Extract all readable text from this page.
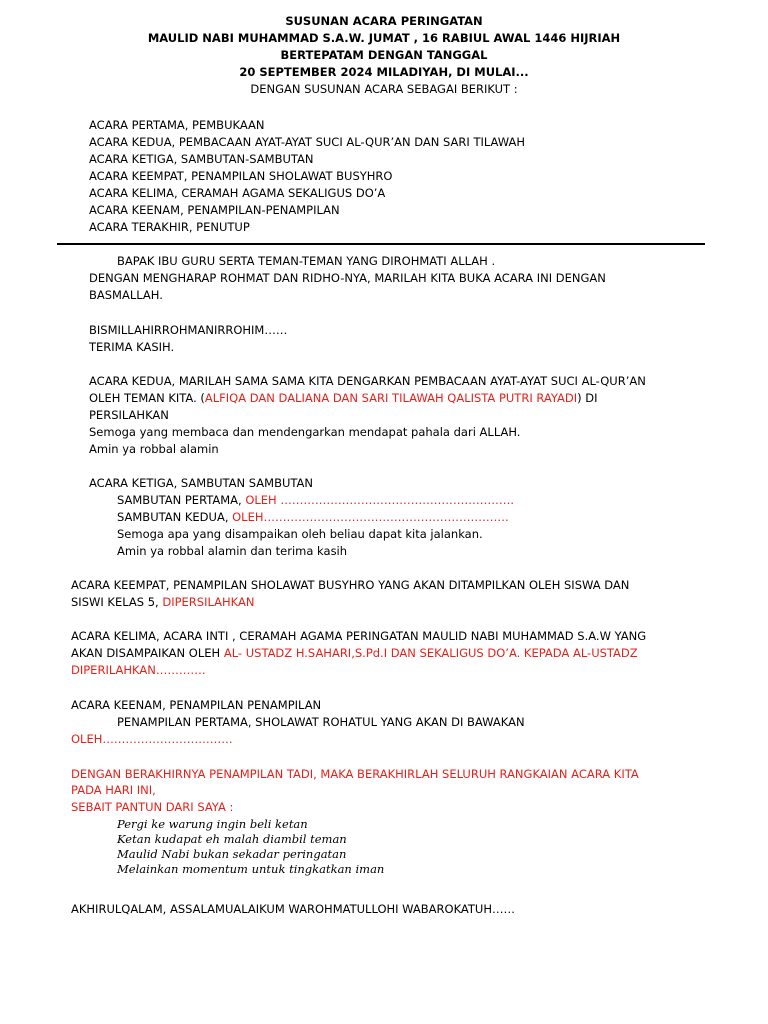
SUSUNAN ACARA PERINGATAN
MAULID NABI MUHAMMAD S.A.W. JUMAT , 16 RABIUL AWAL 1446 HIJRIAH
BERTEPATAM DENGAN TANGGAL
20 SEPTEMBER 2024 MILADIYAH, DI MULAI...
DENGAN SUSUNAN ACARA SEBAGAI BERIKUT :
ACARA PERTAMA, PEMBUKAAN
ACARA KEDUA, PEMBACAAN AYAT-AYAT SUCI AL-QUR’AN DAN SARI TILAWAH
ACARA KETIGA, SAMBUTAN-SAMBUTAN
ACARA KEEMPAT, PENAMPILAN SHOLAWAT BUSYHRO
ACARA KELIMA, CERAMAH AGAMA SEKALIGUS DO’A
ACARA KEENAM, PENAMPILAN-PENAMPILAN
ACARA TERAKHIR, PENUTUP
BAPAK IBU GURU SERTA TEMAN-TEMAN YANG DIROHMATI ALLAH .
DENGAN MENGHARAP ROHMAT DAN RIDHO-NYA, MARILAH KITA BUKA ACARA INI DENGAN
BASMALLAH.
BISMILLAHIRROHMANIRROHIM……
TERIMA KASIH.
ACARA KEDUA, MARILAH SAMA SAMA KITA DENGARKAN PEMBACAAN AYAT-AYAT SUCI AL-QUR’AN
OLEH TEMAN KITA. (ALFIQA DAN DALIANA DAN SARI TILAWAH QALISTA PUTRI RAYADI) DI
PERSILAHKAN
Semoga yang membaca dan mendengarkan mendapat pahala dari ALLAH.
Amin ya robbal alamin
ACARA KETIGA, SAMBUTAN SAMBUTAN
SAMBUTAN PERTAMA, OLEH …………………………………………………….
SAMBUTAN KEDUA, OLEH……………………………………………………….
Semoga apa yang disampaikan oleh beliau dapat kita jalankan.
Amin ya robbal alamin dan terima kasih
ACARA KEEMPAT, PENAMPILAN SHOLAWAT BUSYHRO YANG AKAN DITAMPILKAN OLEH SISWA DAN
SISWI KELAS 5, DIPERSILAHKAN
ACARA KELIMA, ACARA INTI , CERAMAH AGAMA PERINGATAN MAULID NABI MUHAMMAD S.A.W YANG
AKAN DISAMPAIKAN OLEH AL- USTADZ H.SAHARI,S.Pd.I DAN SEKALIGUS DO’A. KEPADA AL-USTADZ
DIPERILAHKAN………….
ACARA KEENAM, PENAMPILAN PENAMPILAN
PENAMPILAN PERTAMA, SHOLAWAT ROHATUL YANG AKAN DI BAWAKAN
OLEH…………………………….
DENGAN BERAKHIRNYA PENAMPILAN TADI, MAKA BERAKHIRLAH SELURUH RANGKAIAN ACARA KITA
PADA HARI INI,
SEBAIT PANTUN DARI SAYA :
Pergi ke warung ingin beli ketan
Ketan kudapat eh malah diambil teman
Maulid Nabi bukan sekadar peringatan
Melainkan momentum untuk tingkatkan iman
AKHIRULQALAM, ASSALAMUALAIKUM WAROHMATULLOHI WABAROKATUH……
